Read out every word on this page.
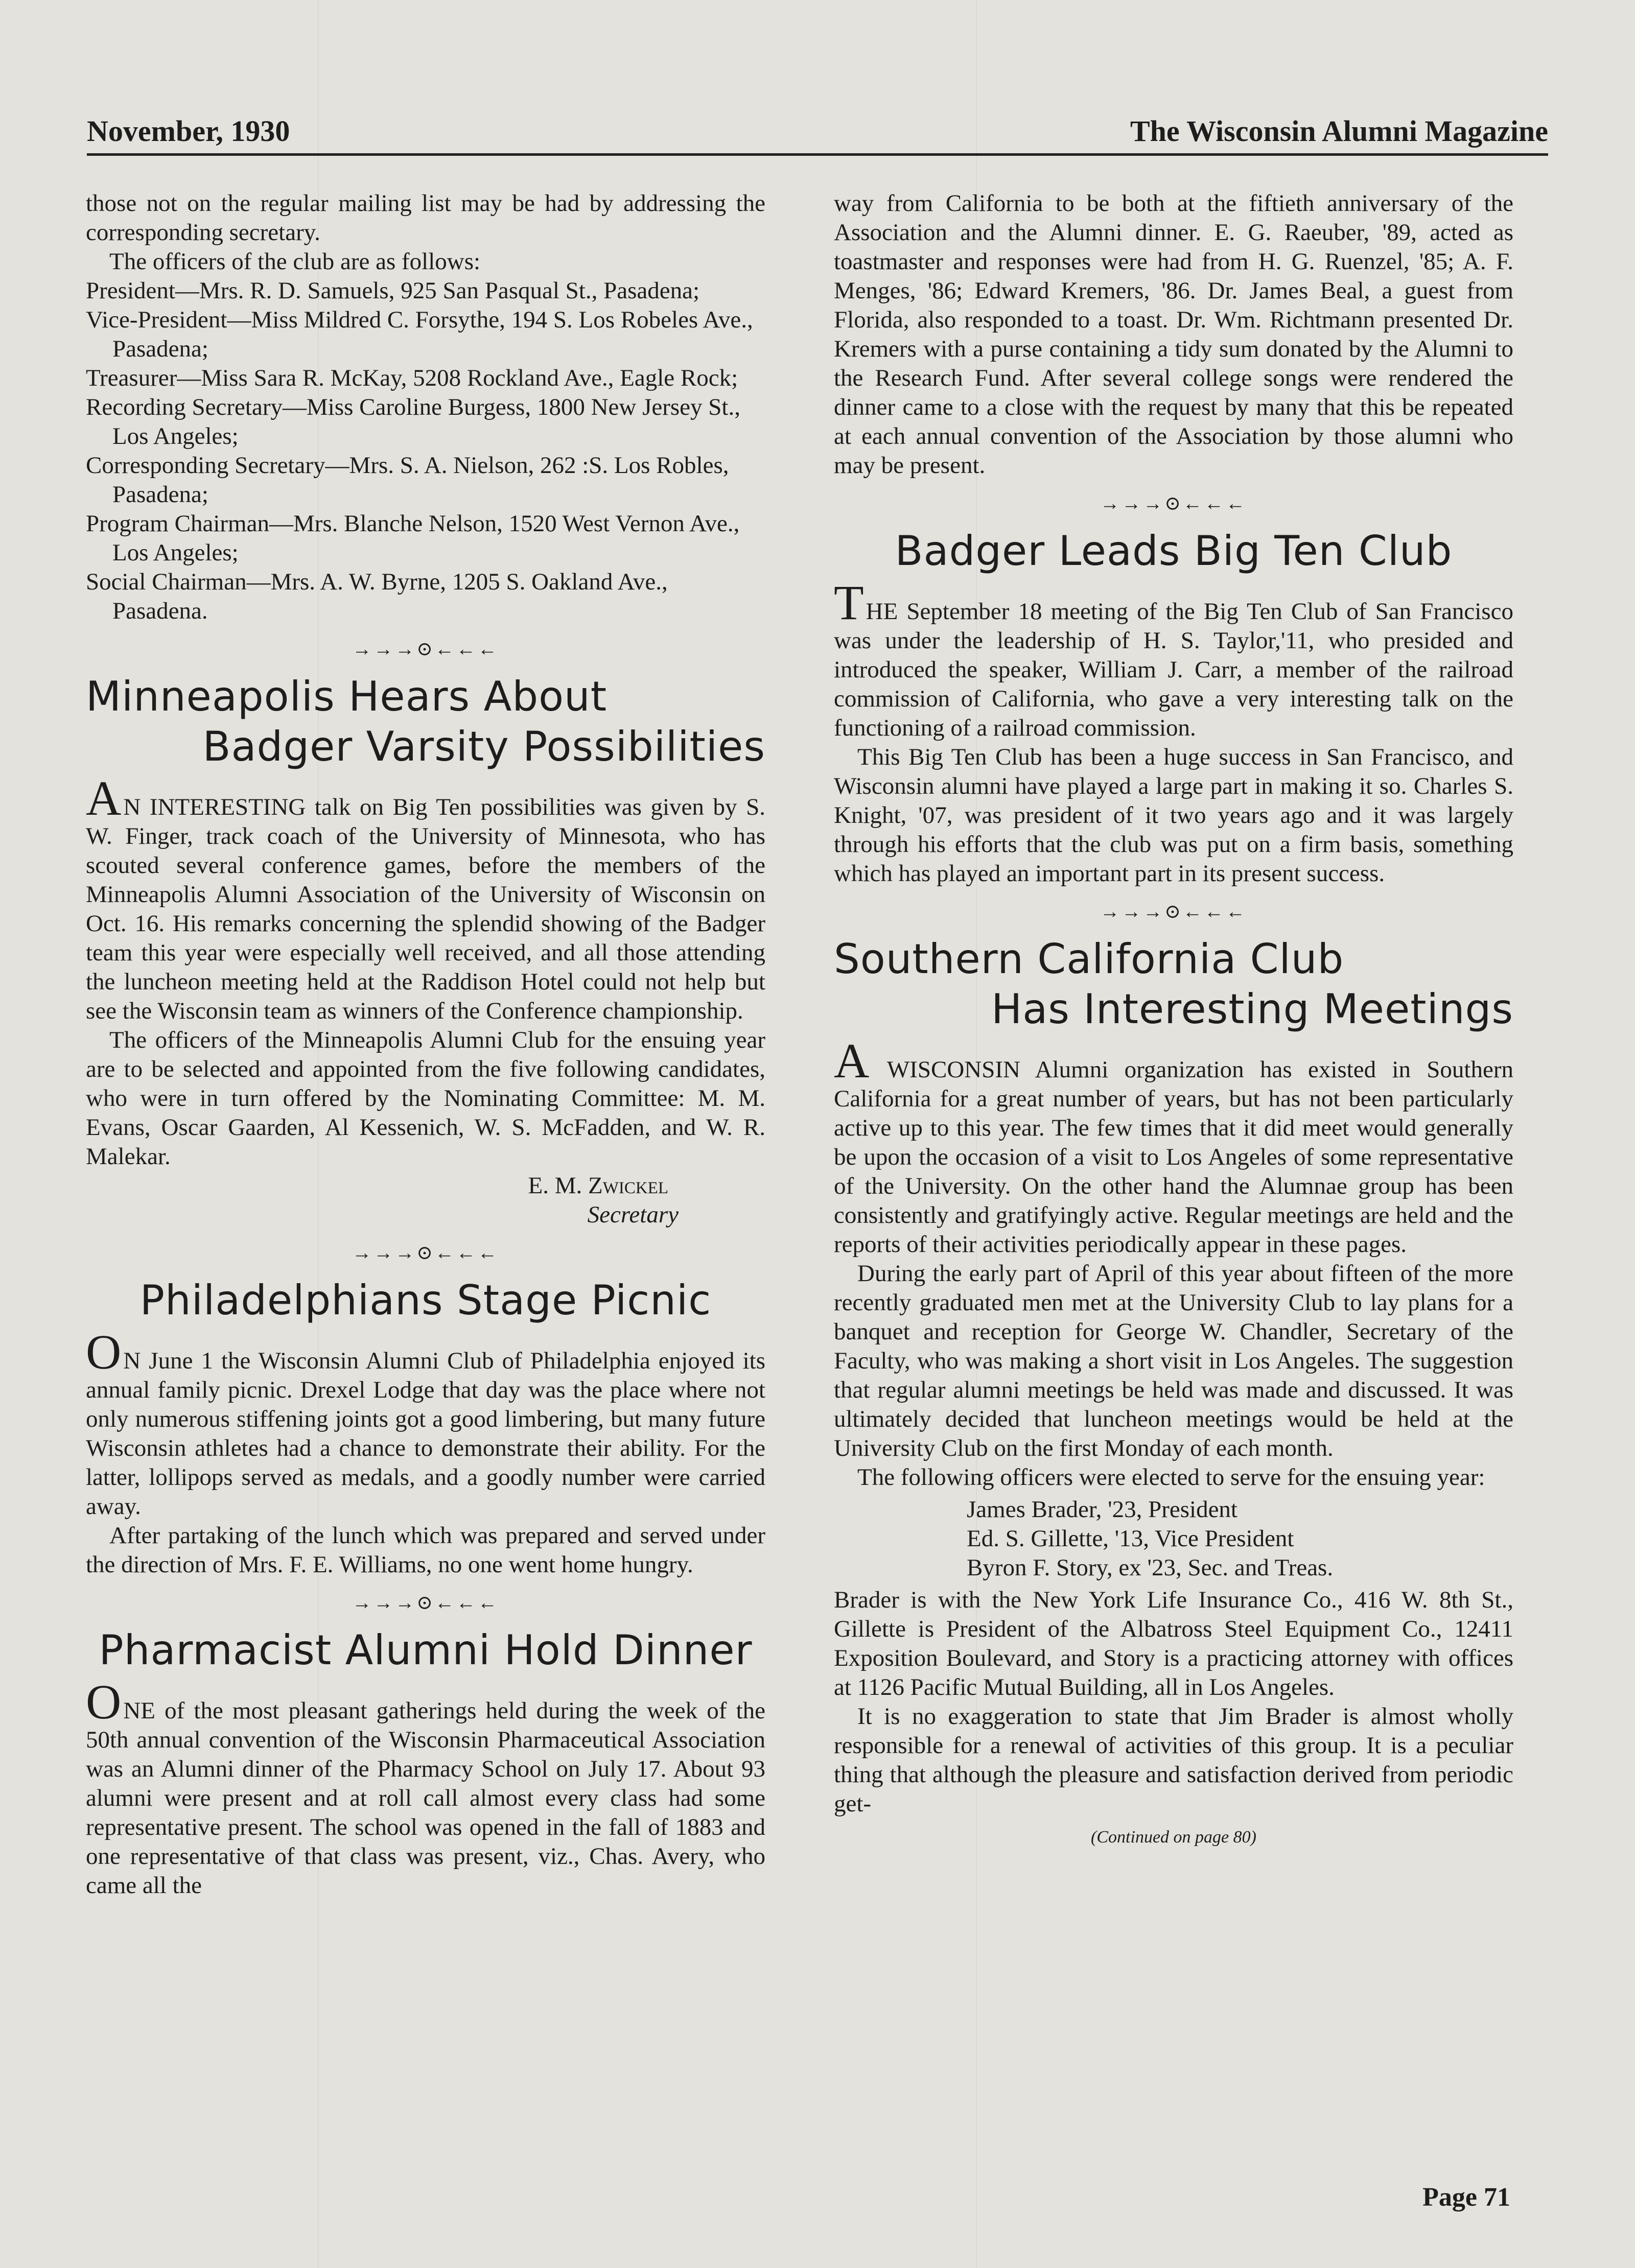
November, 1930	The Wisconsin Alumni Magazine

those not on the regular mailing list may be had by addressing the corresponding secretary.

The officers of the club are as follows:

President—Mrs. R. D. Samuels, 925 San Pasqual St., Pasadena;
Vice-President—Miss Mildred C. Forsythe, 194 S. Los Robeles Ave., Pasadena;
Treasurer—Miss Sara R. McKay, 5208 Rockland Ave., Eagle Rock;
Recording Secretary—Miss Caroline Burgess, 1800 New Jersey St., Los Angeles;
Corresponding Secretary—Mrs. S. A. Nielson, 262 :S. Los Robles, Pasadena;
Program Chairman—Mrs. Blanche Nelson, 1520 West Vernon Ave., Los Angeles;
Social Chairman—Mrs. A. W. Byrne, 1205 S. Oakland Ave., Pasadena.
→→→⊙←←←
Minneapolis Hears About
Badger Varsity Possibilities

AN INTERESTING talk on Big Ten possibilities was given by S. W. Finger, track coach of the University of Minnesota, who has scouted several conference games, before the members of the Minneapolis Alumni Association of the University of Wisconsin on Oct. 16. His remarks concerning the splendid showing of the Badger team this year were especially well received, and all those attending the luncheon meeting held at the Raddison Hotel could not help but see the Wisconsin team as winners of the Conference championship.

The officers of the Minneapolis Alumni Club for the ensuing year are to be selected and appointed from the five following candidates, who were in turn offered by the Nominating Committee: M. M. Evans, Oscar Gaarden, Al Kessenich, W. S. McFadden, and W. R. Malekar.

E. M. Zwickel
Secretary
→→→⊙←←←
Philadelphians Stage Picnic

ON June 1 the Wisconsin Alumni Club of Philadelphia enjoyed its annual family picnic. Drexel Lodge that day was the place where not only numerous stiffening joints got a good limbering, but many future Wisconsin athletes had a chance to demonstrate their ability. For the latter, lollipops served as medals, and a goodly number were carried away.

After partaking of the lunch which was prepared and served under the direction of Mrs. F. E. Williams, no one went home hungry.

→→→⊙←←←
Pharmacist Alumni Hold Dinner

ONE of the most pleasant gatherings held during the week of the 50th annual convention of the Wisconsin Pharmaceutical Association was an Alumni dinner of the Pharmacy School on July 17. About 93 alumni were present and at roll call almost every class had some representative present. The school was opened in the fall of 1883 and one representative of that class was present, viz., Chas. Avery, who came all the

way from California to be both at the fiftieth anniversary of the Association and the Alumni dinner. E. G. Raeuber, '89, acted as toastmaster and responses were had from H. G. Ruenzel, '85; A. F. Menges, '86; Edward Kremers, '86. Dr. James Beal, a guest from Florida, also responded to a toast. Dr. Wm. Richtmann presented Dr. Kremers with a purse containing a tidy sum donated by the Alumni to the Research Fund. After several college songs were rendered the dinner came to a close with the request by many that this be repeated at each annual convention of the Association by those alumni who may be present.

→→→⊙←←←
Badger Leads Big Ten Club

THE September 18 meeting of the Big Ten Club of San Francisco was under the leadership of H. S. Taylor,'11, who presided and introduced the speaker, William J. Carr, a member of the railroad commission of California, who gave a very interesting talk on the functioning of a railroad commission.

This Big Ten Club has been a huge success in San Francisco, and Wisconsin alumni have played a large part in making it so. Charles S. Knight, '07, was president of it two years ago and it was largely through his efforts that the club was put on a firm basis, something which has played an important part in its present success.

→→→⊙←←←
Southern California Club
Has Interesting Meetings

A WISCONSIN Alumni organization has existed in Southern California for a great number of years, but has not been particularly active up to this year. The few times that it did meet would generally be upon the occasion of a visit to Los Angeles of some representative of the University. On the other hand the Alumnae group has been consistently and gratifyingly active. Regular meetings are held and the reports of their activities periodically appear in these pages.

During the early part of April of this year about fifteen of the more recently graduated men met at the University Club to lay plans for a banquet and reception for George W. Chandler, Secretary of the Faculty, who was making a short visit in Los Angeles. The suggestion that regular alumni meetings be held was made and discussed. It was ultimately decided that luncheon meetings would be held at the University Club on the first Monday of each month.

The following officers were elected to serve for the ensuing year:

James Brader, '23, President
Ed. S. Gillette, '13, Vice President
Byron F. Story, ex '23, Sec. and Treas.

Brader is with the New York Life Insurance Co., 416 W. 8th St., Gillette is President of the Albatross Steel Equipment Co., 12411 Exposition Boulevard, and Story is a practicing attorney with offices at 1126 Pacific Mutual Building, all in Los Angeles.

It is no exaggeration to state that Jim Brader is almost wholly responsible for a renewal of activities of this group. It is a peculiar thing that although the pleasure and satisfaction derived from periodic get-

(Continued on page 80)
Page 71
